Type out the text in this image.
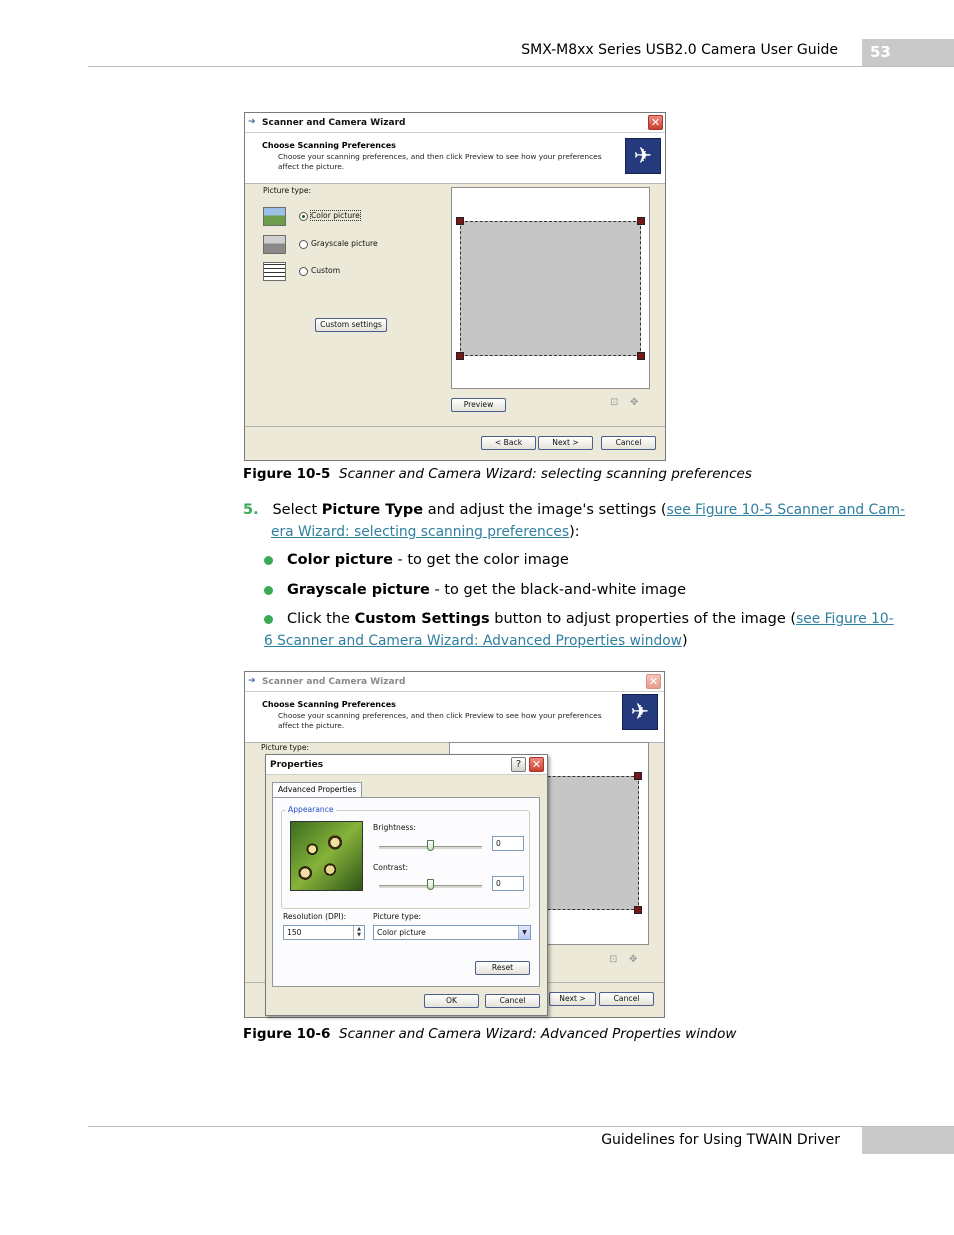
SMX-M8xx Series USB2.0 Camera User Guide	53
➔ Scanner and Camera Wizard	✕
Choose Scanning Preferences
Choose your scanning preferences, and then click Preview to see how your preferences affect the picture.	✈
Picture type:
Color picture
Grayscale picture
Custom
Custom settings
Preview	⊡ ✥
< Back	Next >	Cancel
Figure 10-5 Scanner and Camera Wizard: selecting scanning preferences
5. Select Picture Type and adjust the image's settings (see Figure 10-5 Scanner and Cam-
era Wizard: selecting scanning preferences):
Color picture - to get the color image
Grayscale picture - to get the black-and-white image
Click the Custom Settings button to adjust properties of the image (see Figure 10-
6 Scanner and Camera Wizard: Advanced Properties window)
➔ Scanner and Camera Wizard	✕
Choose Scanning Preferences
Choose your scanning preferences, and then click Preview to see how your preferences affect the picture.
✈
Picture type:
⊡ ✥
Next >	Cancel
Properties	? ✕
Advanced Properties
Appearance
Brightness:
0
Contrast:
0
Resolution (DPI):
150	▲
▼
Picture type:
Color picture	▼
Reset
OK	Cancel
Figure 10-6 Scanner and Camera Wizard: Advanced Properties window
Guidelines for Using TWAIN Driver
